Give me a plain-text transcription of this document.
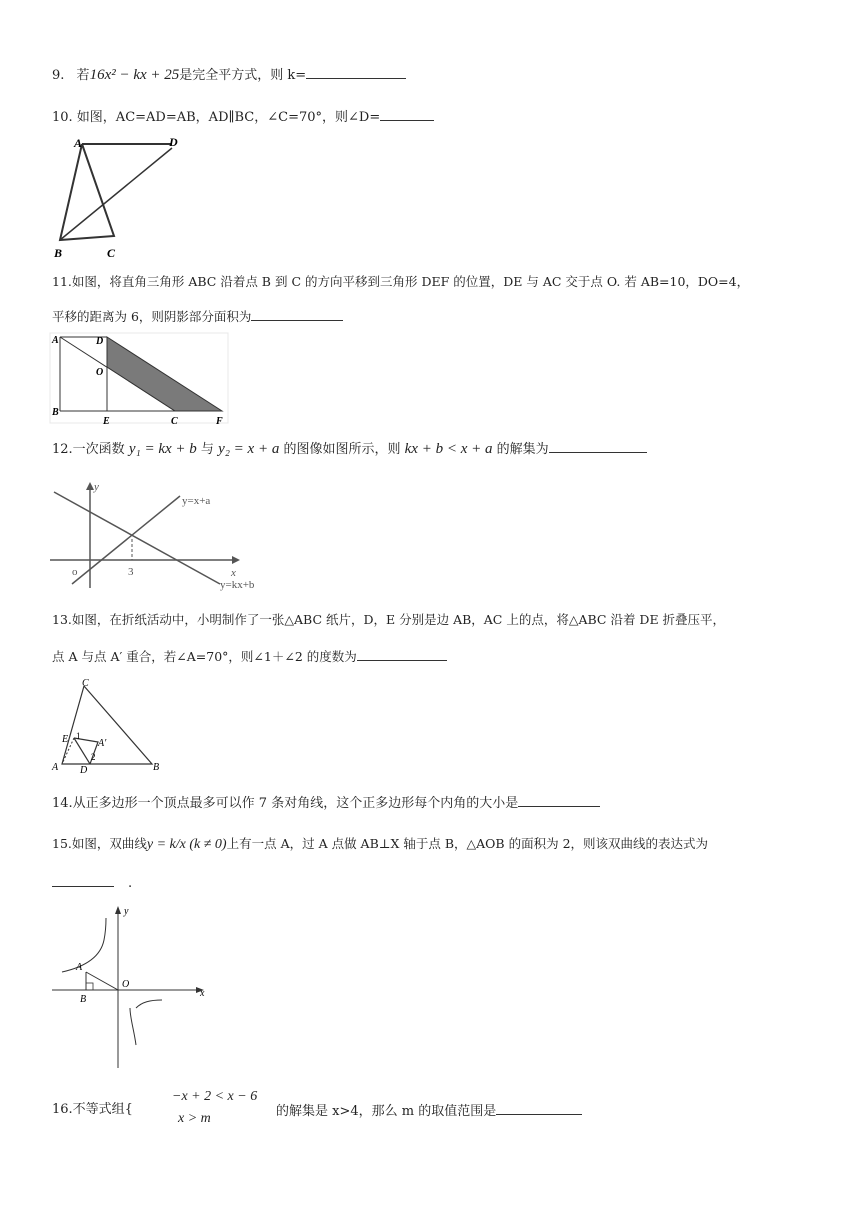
9. 若16x² − kx + 25是完全平方式，则 k=
10. 如图，AC=AD=AB，AD∥BC，∠C=70°，则∠D=
A	D
B	C
11.如图，将直角三角形 ABC 沿着点 B 到 C 的方向平移到三角形 DEF 的位置，DE 与 AC 交于点 O. 若 AB=10，DO=4，
平移的距离为 6，则阴影部分面积为
A	D
O
B
E	C	F
12.一次函数 y₁ = kx + b 与 y₂ = x + a 的图像如图所示，则 kx + b < x + a 的解集为
y
y=x+a
o	3	x
y=kx+b
13.如图，在折纸活动中，小明制作了一张△ABC 纸片，D，E 分别是边 AB，AC 上的点，将△ABC 沿着 DE 折叠压平，
点 A 与点 A′ 重合，若∠A=70°，则∠1＋∠2 的度数为
C
E 1
A′
2
A D	B
14.从正多边形一个顶点最多可以作 7 条对角线，这个正多边形每个内角的大小是
15.如图，双曲线y = k/x (k ≠ 0)上有一点 A，过 A 点做 AB⊥X 轴于点 B，△AOB 的面积为 2，则该双曲线的表达式为
.
y
A
O
B
x
16.不等式组{
−x + 2 < x − 6
x > m	的解集是 x>4，那么 m 的取值范围是
